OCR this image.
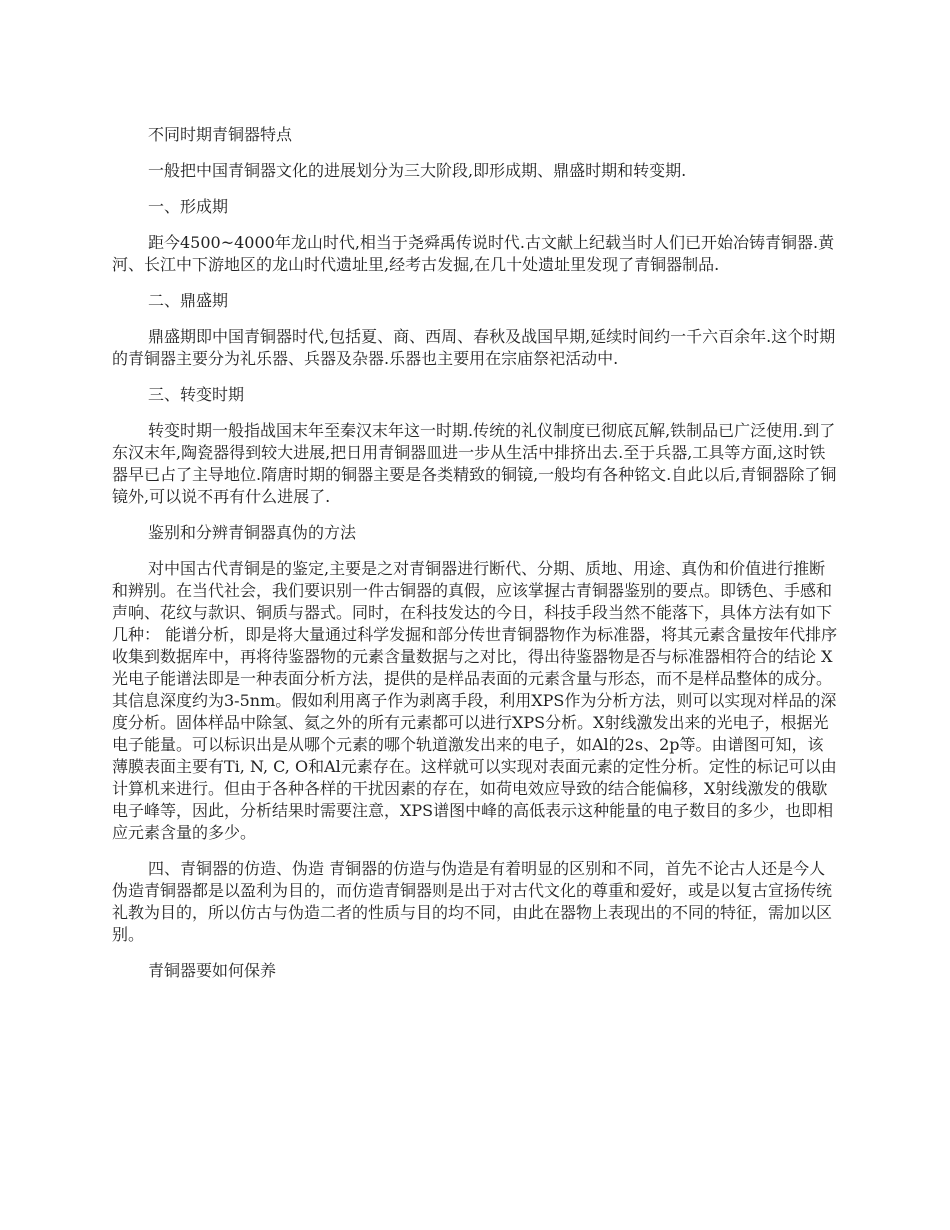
不同时期青铜器特点

一般把中国青铜器文化的进展划分为三大阶段,即形成期、鼎盛时期和转变期.

一、形成期

距今4500~4000年龙山时代,相当于尧舜禹传说时代.古文献上纪载当时人们已开始冶铸青铜器.黄河、长江中下游地区的龙山时代遗址里,经考古发掘,在几十处遗址里发现了青铜器制品.

二、鼎盛期

鼎盛期即中国青铜器时代,包括夏、商、西周、春秋及战国早期,延续时间约一千六百余年.这个时期的青铜器主要分为礼乐器、兵器及杂器.乐器也主要用在宗庙祭祀活动中.

三、转变时期

转变时期一般指战国末年至秦汉末年这一时期.传统的礼仪制度已彻底瓦解,铁制品已广泛使用.到了东汉末年,陶瓷器得到较大进展,把日用青铜器皿进一步从生活中排挤出去.至于兵器,工具等方面,这时铁器早已占了主导地位.隋唐时期的铜器主要是各类精致的铜镜,一般均有各种铭文.自此以后,青铜器除了铜镜外,可以说不再有什么进展了.

鉴别和分辨青铜器真伪的方法

对中国古代青铜是的鉴定,主要是之对青铜器进行断代、分期、质地、用途、真伪和价值进行推断和辨别。在当代社会，我们要识别一件古铜器的真假，应该掌握古青铜器鉴别的要点。即锈色、手感和声响、花纹与款识、铜质与器式。同时，在科技发达的今日，科技手段当然不能落下，具体方法有如下几种： 能谱分析，即是将大量通过科学发掘和部分传世青铜器物作为标准器，将其元素含量按年代排序收集到数据库中，再将待鉴器物的元素含量数据与之对比，得出待鉴器物是否与标准器相符合的结论 X光电子能谱法即是一种表面分析方法，提供的是样品表面的元素含量与形态，而不是样品整体的成分。其信息深度约为3-5nm。假如利用离子作为剥离手段，利用XPS作为分析方法，则可以实现对样品的深度分析。固体样品中除氢、氦之外的所有元素都可以进行XPS分析。X射线激发出来的光电子，根据光电子能量。可以标识出是从哪个元素的哪个轨道激发出来的电子，如Al的2s、2p等。由谱图可知，该薄膜表面主要有Ti, N, C, O和Al元素存在。这样就可以实现对表面元素的定性分析。定性的标记可以由计算机来进行。但由于各种各样的干扰因素的存在，如荷电效应导致的结合能偏移，X射线激发的俄歇电子峰等，因此，分析结果时需要注意，XPS谱图中峰的高低表示这种能量的电子数目的多少，也即相应元素含量的多少。

四、青铜器的仿造、伪造 青铜器的仿造与伪造是有着明显的区别和不同，首先不论古人还是今人伪造青铜器都是以盈利为目的，而仿造青铜器则是出于对古代文化的尊重和爱好，或是以复古宣扬传统礼教为目的，所以仿古与伪造二者的性质与目的均不同，由此在器物上表现出的不同的特征，需加以区别。

青铜器要如何保养
